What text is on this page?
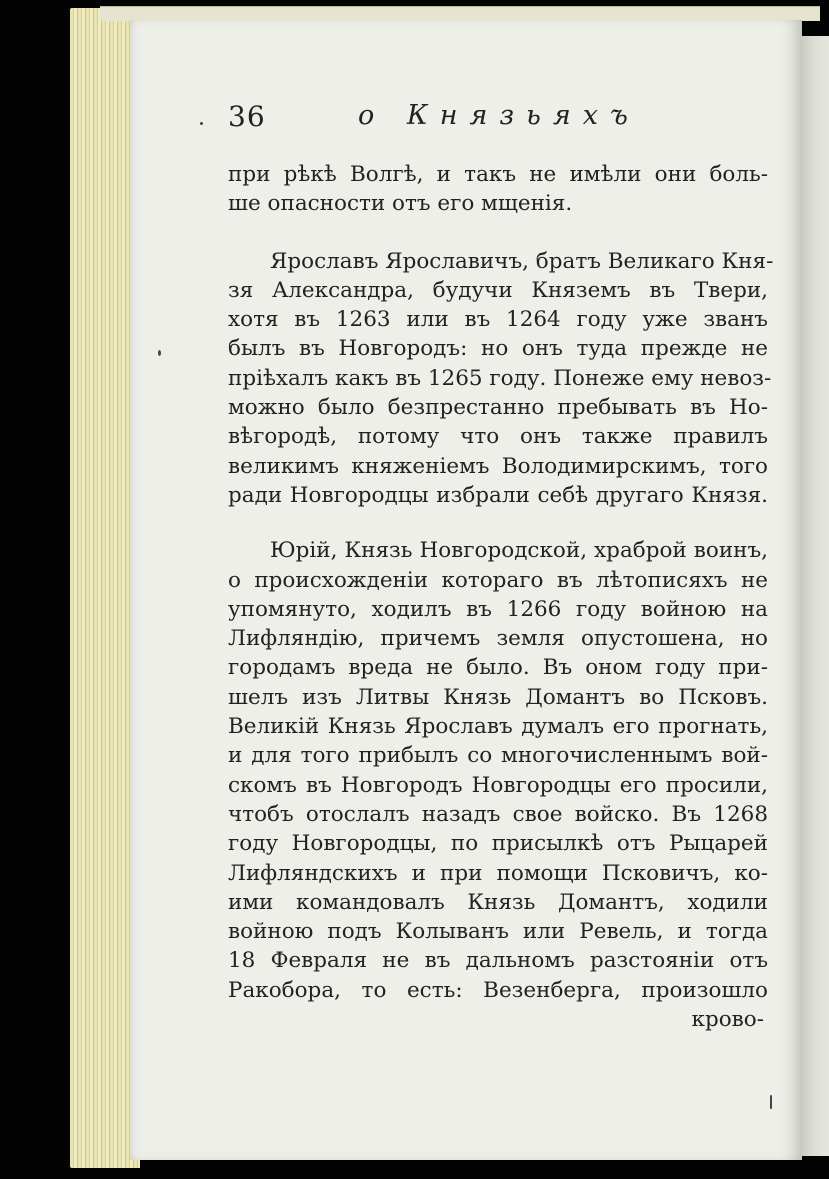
36	о Князьяхъ
при рѣкѣ Волгѣ, и такъ не имѣли они боль-
ше опасности отъ его мщенія.
Ярославъ Ярославичъ, братъ Великаго Кня-
зя Александра, будучи Княземъ въ Твери,
хотя въ 1263 или въ 1264 году уже званъ
былъ въ Новгородъ: но онъ туда прежде не
пріѣхалъ какъ въ 1265 году. Понеже ему невоз-
можно было безпрестанно пребывать въ Но-
вѣгородѣ, потому что онъ также правилъ
великимъ княженіемъ Володимирскимъ, того
ради Новгородцы избрали себѣ другаго Князя.
Юрій, Князь Новгородской, храброй воинъ,
о происхожденіи котораго въ лѣтописяхъ не
упомянуто, ходилъ въ 1266 году войною на
Лифляндію, причемъ земля опустошена, но
городамъ вреда не было. Въ оном году при-
шелъ изъ Литвы Князь Домантъ во Псковъ.
Великій Князь Ярославъ думалъ его прогнать,
и для того прибылъ со многочисленнымъ вой-
скомъ въ Новгородъ Новгородцы его просили,
чтобъ отослалъ назадъ свое войско. Въ 1268
году Новгородцы, по присылкѣ отъ Рыцарей
Лифляндскихъ и при помощи Псковичъ, ко-
ими командовалъ Князь Домантъ, ходили
войною подъ Колыванъ или Ревель, и тогда
18 Февраля не въ дальномъ разстояніи отъ
Ракобора, то есть: Везенберга, произошло
крово-
